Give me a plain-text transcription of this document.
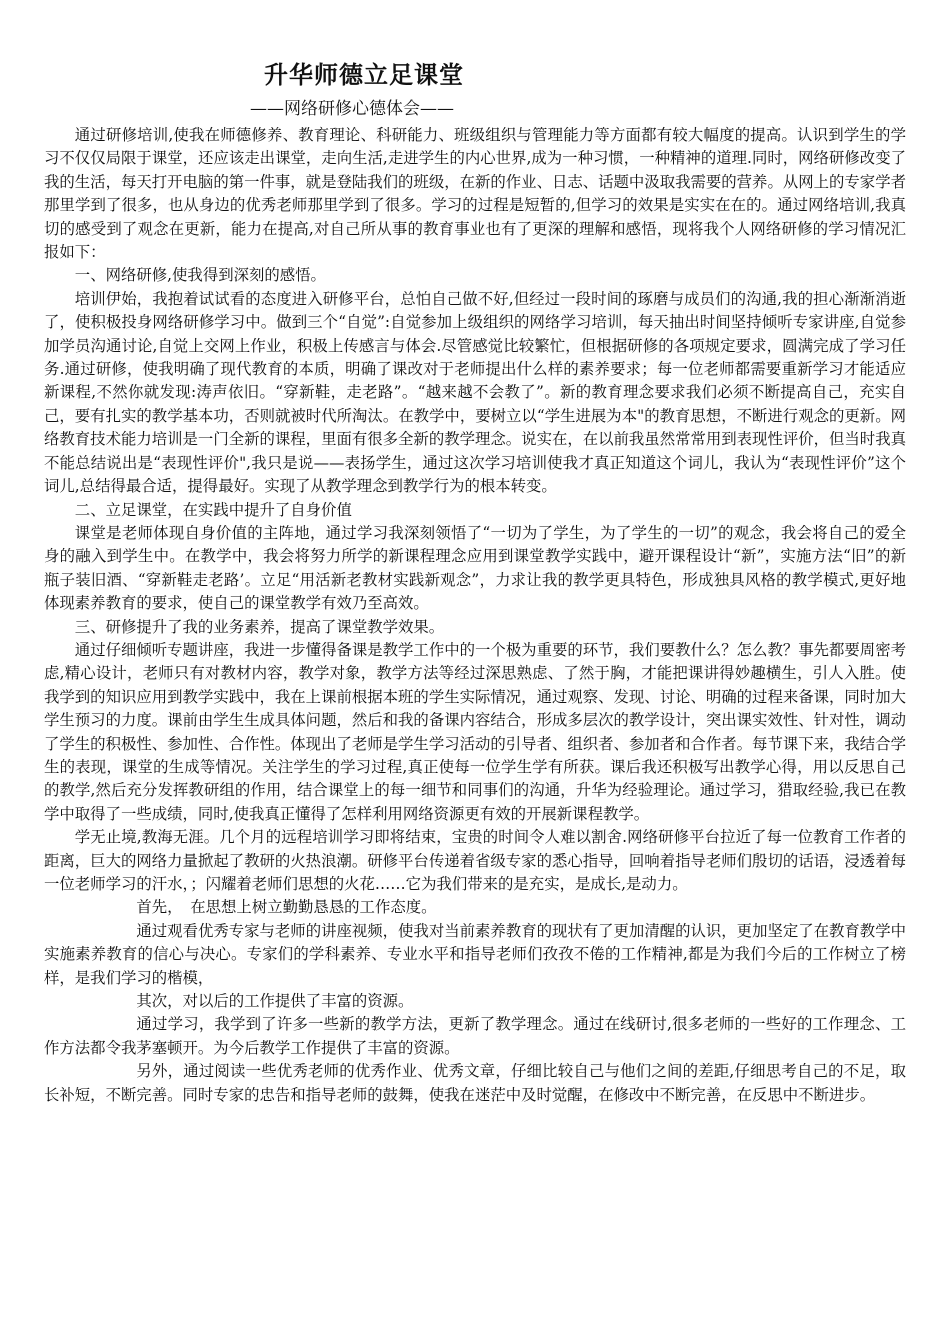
升华师德立足课堂
——网络研修心德体会——

通过研修培训,使我在师德修养、教育理论、科研能力、班级组织与管理能力等方面都有较大幅度的提高。认识到学生的学习不仅仅局限于课堂，还应该走出课堂，走向生活,走进学生的内心世界,成为一种习惯，一种精神的道理.同时，网络研修改变了我的生活，每天打开电脑的第一件事，就是登陆我们的班级，在新的作业、日志、话题中汲取我需要的营养。从网上的专家学者那里学到了很多，也从身边的优秀老师那里学到了很多。学习的过程是短暂的,但学习的效果是实实在在的。通过网络培训,我真切的感受到了观念在更新，能力在提高,对自己所从事的教育事业也有了更深的理解和感悟，现将我个人网络研修的学习情况汇报如下：

一、网络研修,使我得到深刻的感悟。

培训伊始，我抱着试试看的态度进入研修平台，总怕自己做不好,但经过一段时间的琢磨与成员们的沟通,我的担心渐渐消逝了，使积极投身网络研修学习中。做到三个“自觉”:自觉参加上级组织的网络学习培训，每天抽出时间坚持倾听专家讲座,自觉参加学员沟通讨论,自觉上交网上作业，积极上传感言与体会.尽管感觉比较繁忙，但根据研修的各项规定要求，圆满完成了学习任务.通过研修，使我明确了现代教育的本质，明确了课改对于老师提出什么样的素养要求；每一位老师都需要重新学习才能适应新课程,不然你就发现:涛声依旧。“穿新鞋，走老路”。“越来越不会教了”。新的教育理念要求我们必须不断提高自己，充实自己，要有扎实的教学基本功，否则就被时代所淘汰。在教学中，要树立以“学生进展为本"的教育思想，不断进行观念的更新。网络教育技术能力培训是一门全新的课程，里面有很多全新的教学理念。说实在，在以前我虽然常常用到表现性评价，但当时我真不能总结说出是“表现性评价",我只是说——表扬学生，通过这次学习培训使我才真正知道这个词儿，我认为“表现性评价”这个词儿,总结得最合适，提得最好。实现了从教学理念到教学行为的根本转变。

二、立足课堂，在实践中提升了自身价值

课堂是老师体现自身价值的主阵地，通过学习我深刻领悟了“一切为了学生，为了学生的一切”的观念，我会将自己的爱全身的融入到学生中。在教学中，我会将努力所学的新课程理念应用到课堂教学实践中，避开课程设计“新”，实施方法“旧”的新瓶子装旧酒、“穿新鞋走老路’。立足“用活新老教材实践新观念”，力求让我的教学更具特色，形成独具风格的教学模式,更好地体现素养教育的要求，使自己的课堂教学有效乃至高效。

三、研修提升了我的业务素养，提高了课堂教学效果。

通过仔细倾听专题讲座，我进一步懂得备课是教学工作中的一个极为重要的环节，我们要教什么？怎么教？事先都要周密考虑,精心设计，老师只有对教材内容，教学对象，教学方法等经过深思熟虑、了然于胸，才能把课讲得妙趣横生，引人入胜。使我学到的知识应用到教学实践中，我在上课前根据本班的学生实际情况，通过观察、发现、讨论、明确的过程来备课，同时加大学生预习的力度。课前由学生生成具体问题，然后和我的备课内容结合，形成多层次的教学设计，突出课实效性、针对性，调动了学生的积极性、参加性、合作性。体现出了老师是学生学习活动的引导者、组织者、参加者和合作者。每节课下来，我结合学生的表现，课堂的生成等情况。关注学生的学习过程,真正使每一位学生学有所获。课后我还积极写出教学心得，用以反思自己的教学,然后充分发挥教研组的作用，结合课堂上的每一细节和同事们的沟通，升华为经验理论。通过学习，猎取经验,我已在教学中取得了一些成绩，同时,使我真正懂得了怎样利用网络资源更有效的开展新课程教学。

学无止境,教海无涯。几个月的远程培训学习即将结束，宝贵的时间令人难以割舍.网络研修平台拉近了每一位教育工作者的距离，巨大的网络力量掀起了教研的火热浪潮。研修平台传递着省级专家的悉心指导，回响着指导老师们殷切的话语，浸透着每一位老师学习的汗水，；闪耀着老师们思想的火花……它为我们带来的是充实，是成长,是动力。

首先，　在思想上树立勤勤恳恳的工作态度。

通过观看优秀专家与老师的讲座视频，使我对当前素养教育的现状有了更加清醒的认识，更加坚定了在教育教学中实施素养教育的信心与决心。专家们的学科素养、专业水平和指导老师们孜孜不倦的工作精神,都是为我们今后的工作树立了榜样，是我们学习的楷模，

其次，对以后的工作提供了丰富的资源。

通过学习，我学到了许多一些新的教学方法，更新了教学理念。通过在线研讨,很多老师的一些好的工作理念、工作方法都令我茅塞顿开。为今后教学工作提供了丰富的资源。

另外，通过阅读一些优秀老师的优秀作业、优秀文章，仔细比较自己与他们之间的差距,仔细思考自己的不足，取长补短，不断完善。同时专家的忠告和指导老师的鼓舞，使我在迷茫中及时觉醒，在修改中不断完善，在反思中不断进步。
